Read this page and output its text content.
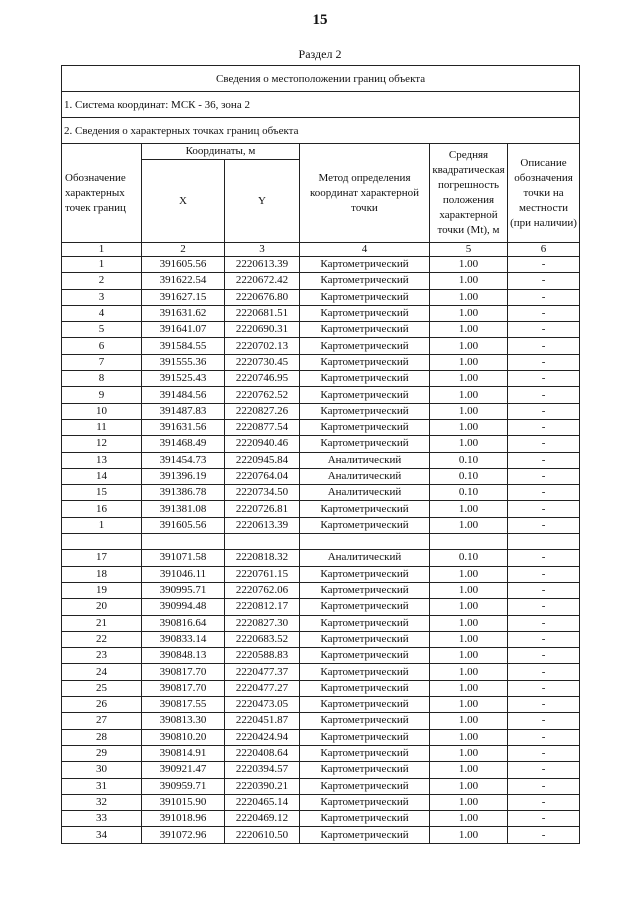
15
Раздел 2
Сведения о местоположении границ объекта					
1. Система координат: МСК - 36, зона 2					
2. Сведения о характерных точках границ объекта					
Обозначение характерных точек границ	Координаты, м		Метод определения координат характерной точки	Средняя квадратическая погрешность положения характерной точки (Mt), м	Описание обозначения точки на местности (при наличии)
	X	Y			
1	2	3	4	5	6
1	391605.56	2220613.39	Картометрический	1.00	-
2	391622.54	2220672.42	Картометрический	1.00	-
3	391627.15	2220676.80	Картометрический	1.00	-
4	391631.62	2220681.51	Картометрический	1.00	-
5	391641.07	2220690.31	Картометрический	1.00	-
6	391584.55	2220702.13	Картометрический	1.00	-
7	391555.36	2220730.45	Картометрический	1.00	-
8	391525.43	2220746.95	Картометрический	1.00	-
9	391484.56	2220762.52	Картометрический	1.00	-
10	391487.83	2220827.26	Картометрический	1.00	-
11	391631.56	2220877.54	Картометрический	1.00	-
12	391468.49	2220940.46	Картометрический	1.00	-
13	391454.73	2220945.84	Аналитический	0.10	-
14	391396.19	2220764.04	Аналитический	0.10	-
15	391386.78	2220734.50	Аналитический	0.10	-
16	391381.08	2220726.81	Картометрический	1.00	-
1	391605.56	2220613.39	Картометрический	1.00	-

17	391071.58	2220818.32	Аналитический	0.10	-
18	391046.11	2220761.15	Картометрический	1.00	-
19	390995.71	2220762.06	Картометрический	1.00	-
20	390994.48	2220812.17	Картометрический	1.00	-
21	390816.64	2220827.30	Картометрический	1.00	-
22	390833.14	2220683.52	Картометрический	1.00	-
23	390848.13	2220588.83	Картометрический	1.00	-
24	390817.70	2220477.37	Картометрический	1.00	-
25	390817.70	2220477.27	Картометрический	1.00	-
26	390817.55	2220473.05	Картометрический	1.00	-
27	390813.30	2220451.87	Картометрический	1.00	-
28	390810.20	2220424.94	Картометрический	1.00	-
29	390814.91	2220408.64	Картометрический	1.00	-
30	390921.47	2220394.57	Картометрический	1.00	-
31	390959.71	2220390.21	Картометрический	1.00	-
32	391015.90	2220465.14	Картометрический	1.00	-
33	391018.96	2220469.12	Картометрический	1.00	-
34	391072.96	2220610.50	Картометрический	1.00	-
